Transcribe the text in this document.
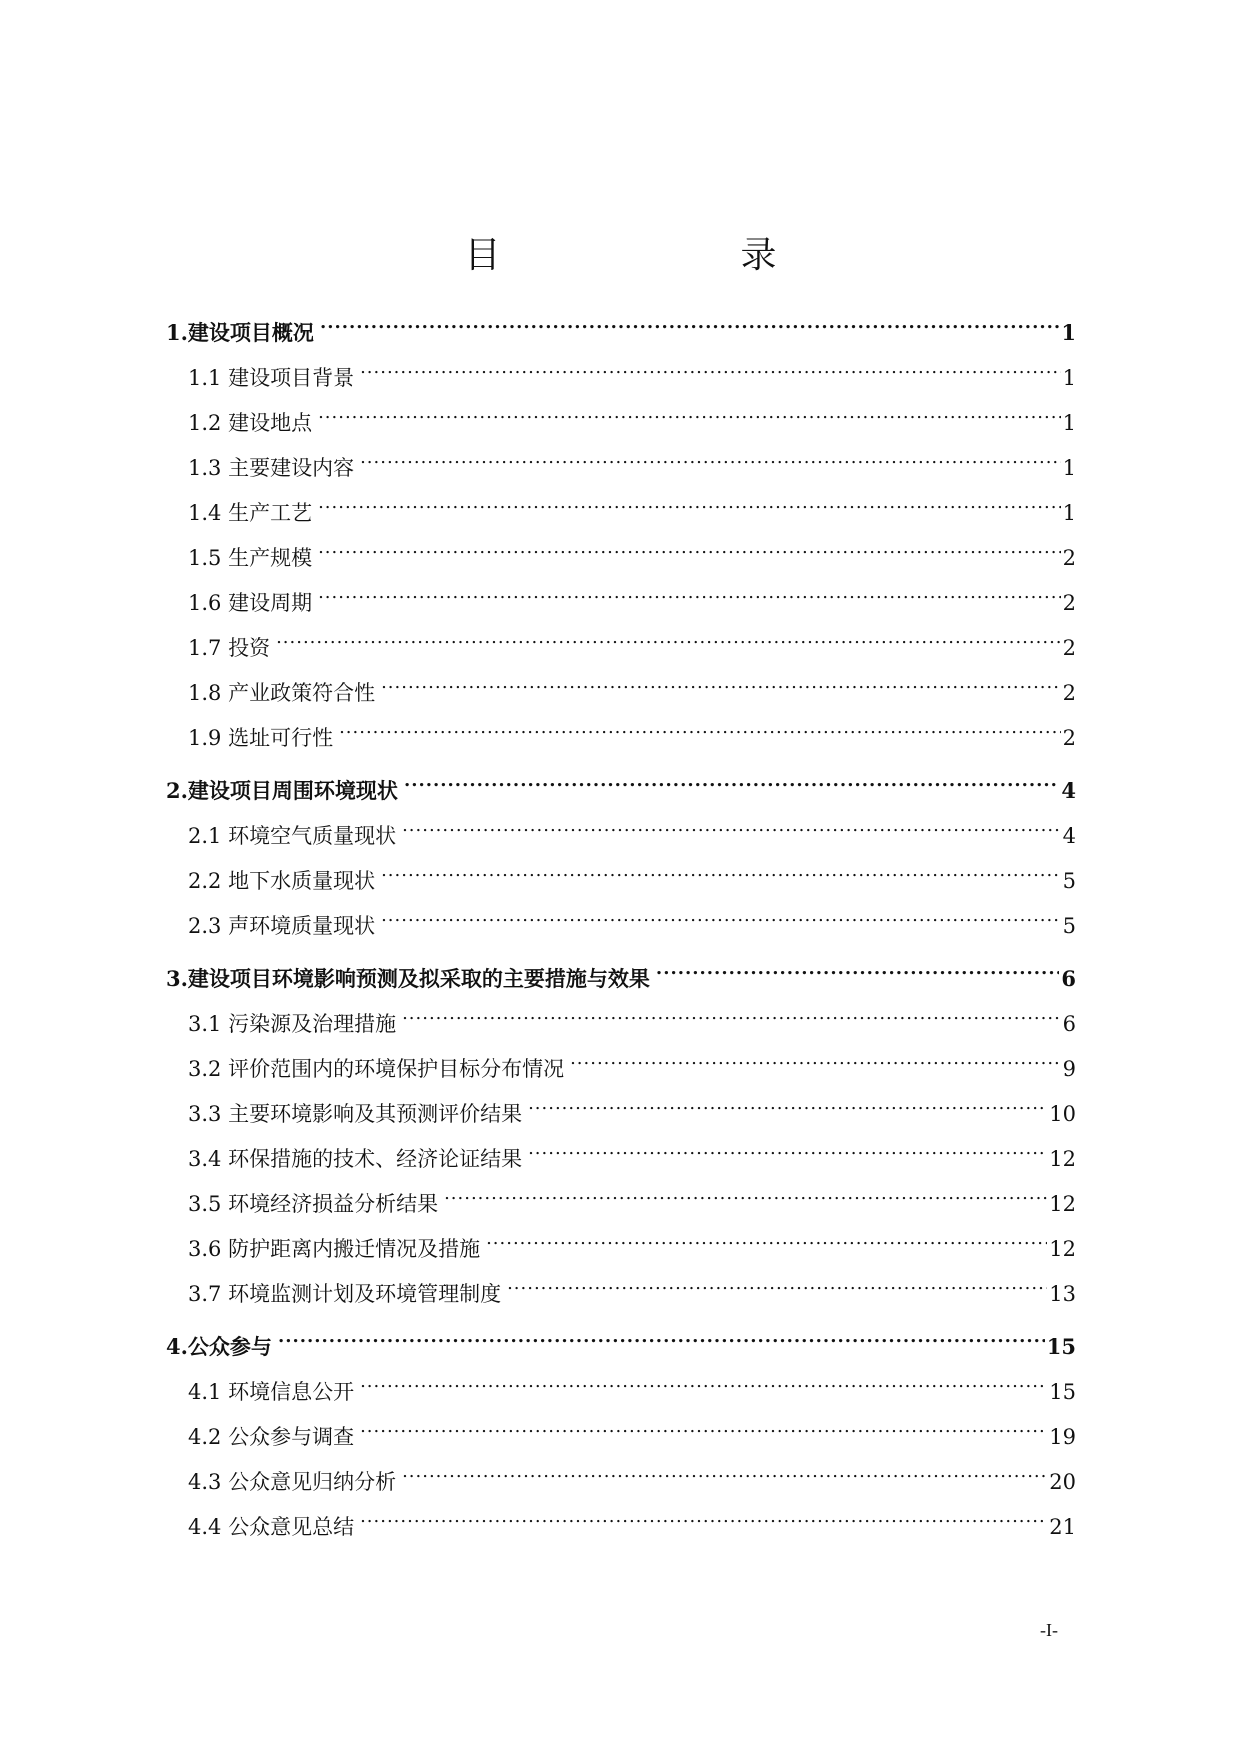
目　　录
1.建设项目概况 .....	1
1.1 建设项目背景 .....	1
1.2 建设地点 .....	1
1.3 主要建设内容 .....	1
1.4 生产工艺 .....	1
1.5 生产规模 .....	2
1.6 建设周期 .....	2
1.7 投资 .....	2
1.8 产业政策符合性 .....	2
1.9 选址可行性 .....	2
2.建设项目周围环境现状 .....	4
2.1 环境空气质量现状 .....	4
2.2 地下水质量现状 .....	5
2.3 声环境质量现状 .....	5
3.建设项目环境影响预测及拟采取的主要措施与效果 .....	6
3.1 污染源及治理措施 .....	6
3.2 评价范围内的环境保护目标分布情况 .....	9
3.3 主要环境影响及其预测评价结果 .....	10
3.4 环保措施的技术、经济论证结果 .....	12
3.5 环境经济损益分析结果 .....	12
3.6 防护距离内搬迁情况及措施 .....	12
3.7 环境监测计划及环境管理制度 .....	13
4.公众参与 .....	15
4.1 环境信息公开 .....	15
4.2 公众参与调查 .....	19
4.3 公众意见归纳分析 .....	20
4.4 公众意见总结 .....	21
-I-
